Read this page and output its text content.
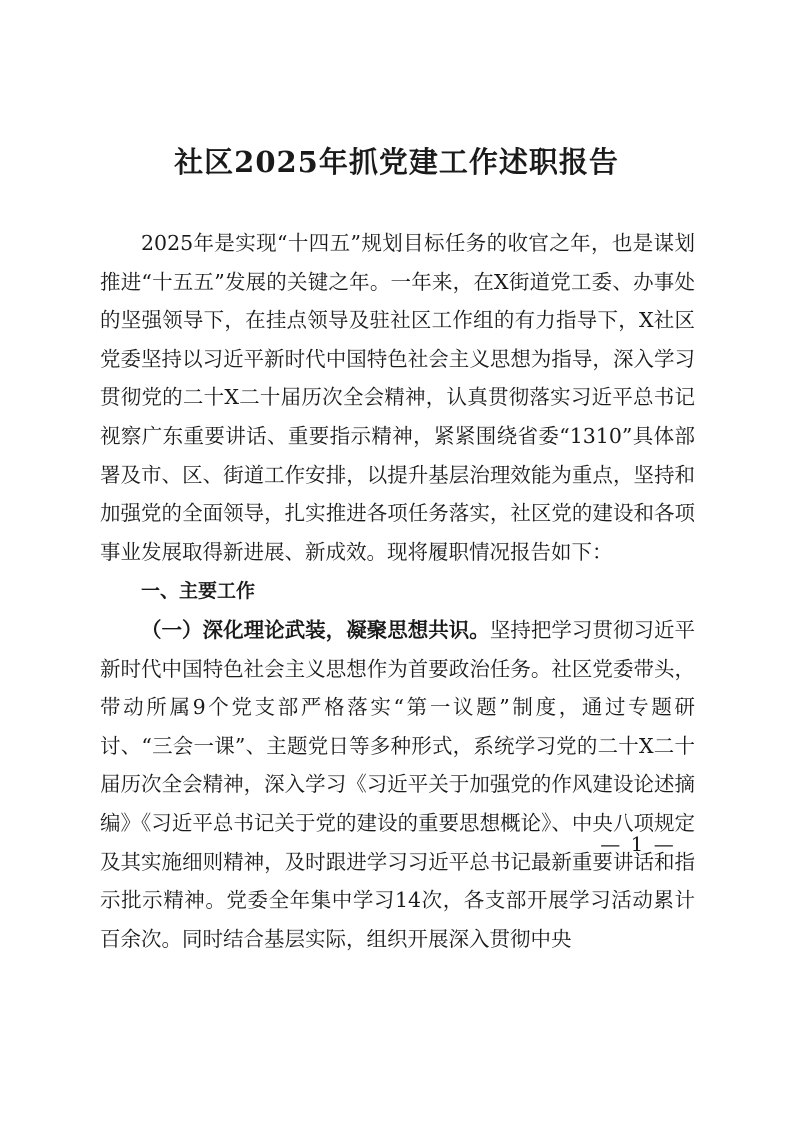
社区2025年抓党建工作述职报告

2025年是实现“十四五”规划目标任务的收官之年，也是谋划推进“十五五”发展的关键之年。一年来，在X街道党工委、办事处的坚强领导下，在挂点领导及驻社区工作组的有力指导下，X社区党委坚持以习近平新时代中国特色社会主义思想为指导，深入学习贯彻党的二十X二十届历次全会精神，认真贯彻落实习近平总书记视察广东重要讲话、重要指示精神，紧紧围绕省委“1310”具体部署及市、区、街道工作安排，以提升基层治理效能为重点，坚持和加强党的全面领导，扎实推进各项任务落实，社区党的建设和各项事业发展取得新进展、新成效。现将履职情况报告如下：

一、主要工作

（一）深化理论武装，凝聚思想共识。坚持把学习贯彻习近平新时代中国特色社会主义思想作为首要政治任务。社区党委带头，带动所属9个党支部严格落实“第一议题”制度，通过专题研讨、“三会一课”、主题党日等多种形式，系统学习党的二十X二十届历次全会精神，深入学习《习近平关于加强党的作风建设论述摘编》《习近平总书记关于党的建设的重要思想概论》、中央八项规定及其实施细则精神，及时跟进学习习近平总书记最新重要讲话和指示批示精神。党委全年集中学习14次，各支部开展学习活动累计百余次。同时结合基层实际，组织开展深入贯彻中央

— 1 —
